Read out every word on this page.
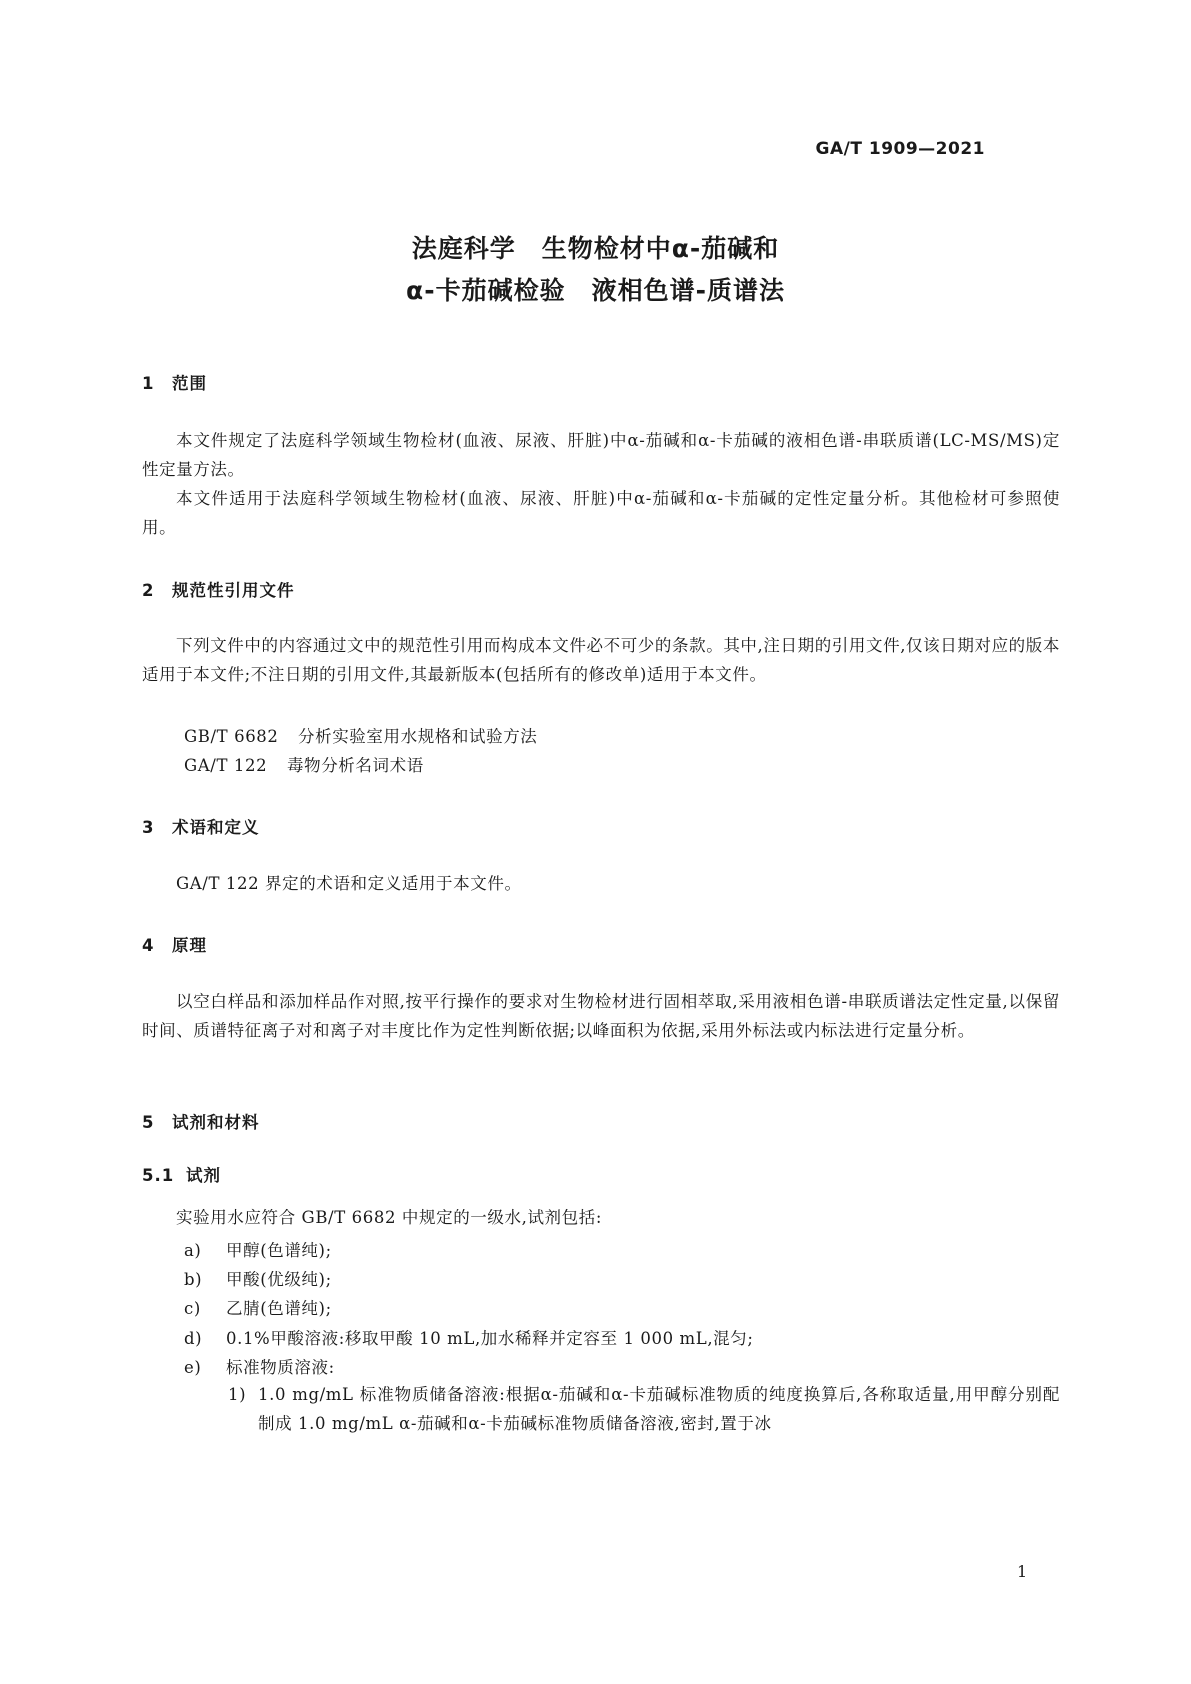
GA/T 1909—2021
法庭科学　生物检材中α-茄碱和
α-卡茄碱检验　液相色谱-质谱法
1 范围

本文件规定了法庭科学领域生物检材(血液、尿液、肝脏)中α-茄碱和α-卡茄碱的液相色谱-串联质谱(LC-MS/MS)定性定量方法。

本文件适用于法庭科学领域生物检材(血液、尿液、肝脏)中α-茄碱和α-卡茄碱的定性定量分析。其他检材可参照使用。

2 规范性引用文件

下列文件中的内容通过文中的规范性引用而构成本文件必不可少的条款。其中,注日期的引用文件,仅该日期对应的版本适用于本文件;不注日期的引用文件,其最新版本(包括所有的修改单)适用于本文件。

GB/T 6682 分析实验室用水规格和试验方法
GA/T 122 毒物分析名词术语
3 术语和定义

GA/T 122 界定的术语和定义适用于本文件。

4 原理

以空白样品和添加样品作对照,按平行操作的要求对生物检材进行固相萃取,采用液相色谱-串联质谱法定性定量,以保留时间、质谱特征离子对和离子对丰度比作为定性判断依据;以峰面积为依据,采用外标法或内标法进行定量分析。

5 试剂和材料
5.1 试剂

实验用水应符合 GB/T 6682 中规定的一级水,试剂包括:

a) 甲醇(色谱纯);
b) 甲酸(优级纯);
c) 乙腈(色谱纯);
d) 0.1%甲酸溶液:移取甲酸 10 mL,加水稀释并定容至 1 000 mL,混匀;
e) 标准物质溶液:
1) 1.0 mg/mL 标准物质储备溶液:根据α-茄碱和α-卡茄碱标准物质的纯度换算后,各称取适量,用甲醇分别配制成 1.0 mg/mL α-茄碱和α-卡茄碱标准物质储备溶液,密封,置于冰
1
